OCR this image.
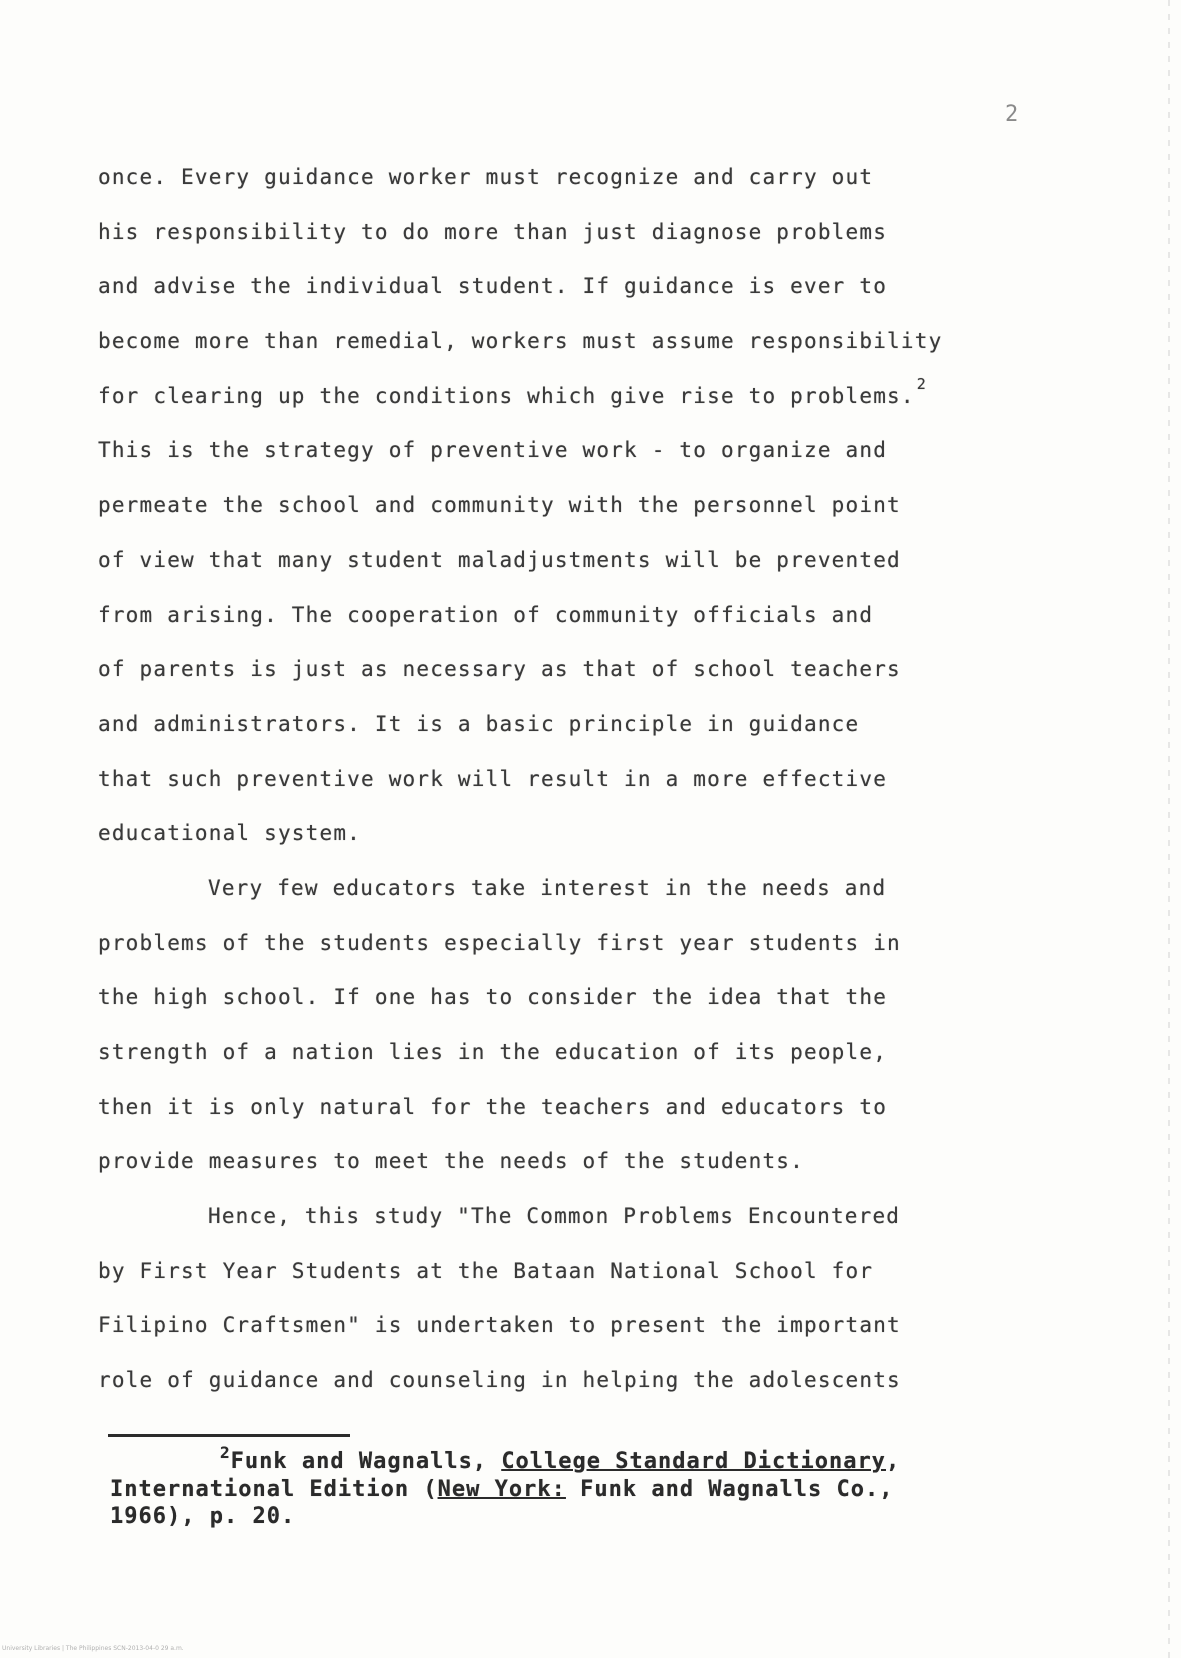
2
once. Every guidance worker must recognize and carry out
his responsibility to do more than just diagnose problems
and advise the individual student. If guidance is ever to
become more than remedial, workers must assume responsibility
for clearing up the conditions which give rise to problems. $^2$
This is the strategy of preventive work - to organize and
permeate the school and community with the personnel point
of view that many student maladjustments will be prevented
from arising. The cooperation of community officials and
of parents is just as necessary as that of school teachers
and administrators. It is a basic principle in guidance
that such preventive work will result in a more effective
educational system.
Very few educators take interest in the needs and
problems of the students especially first year students in
the high school. If one has to consider the idea that the
strength of a nation lies in the education of its people,
then it is only natural for the teachers and educators to
provide measures to meet the needs of the students.
Hence, this study "The Common Problems Encountered
by First Year Students at the Bataan National School for
Filipino Craftsmen" is undertaken to present the important
role of guidance and counseling in helping the adolescents
$^2$Funk and Wagnalls, College Standard Dictionary,
International Edition (New York: Funk and Wagnalls Co.,
1966), p. 20.
University Libraries | The Philippines SCN-2013-04-0 29 a.m.
